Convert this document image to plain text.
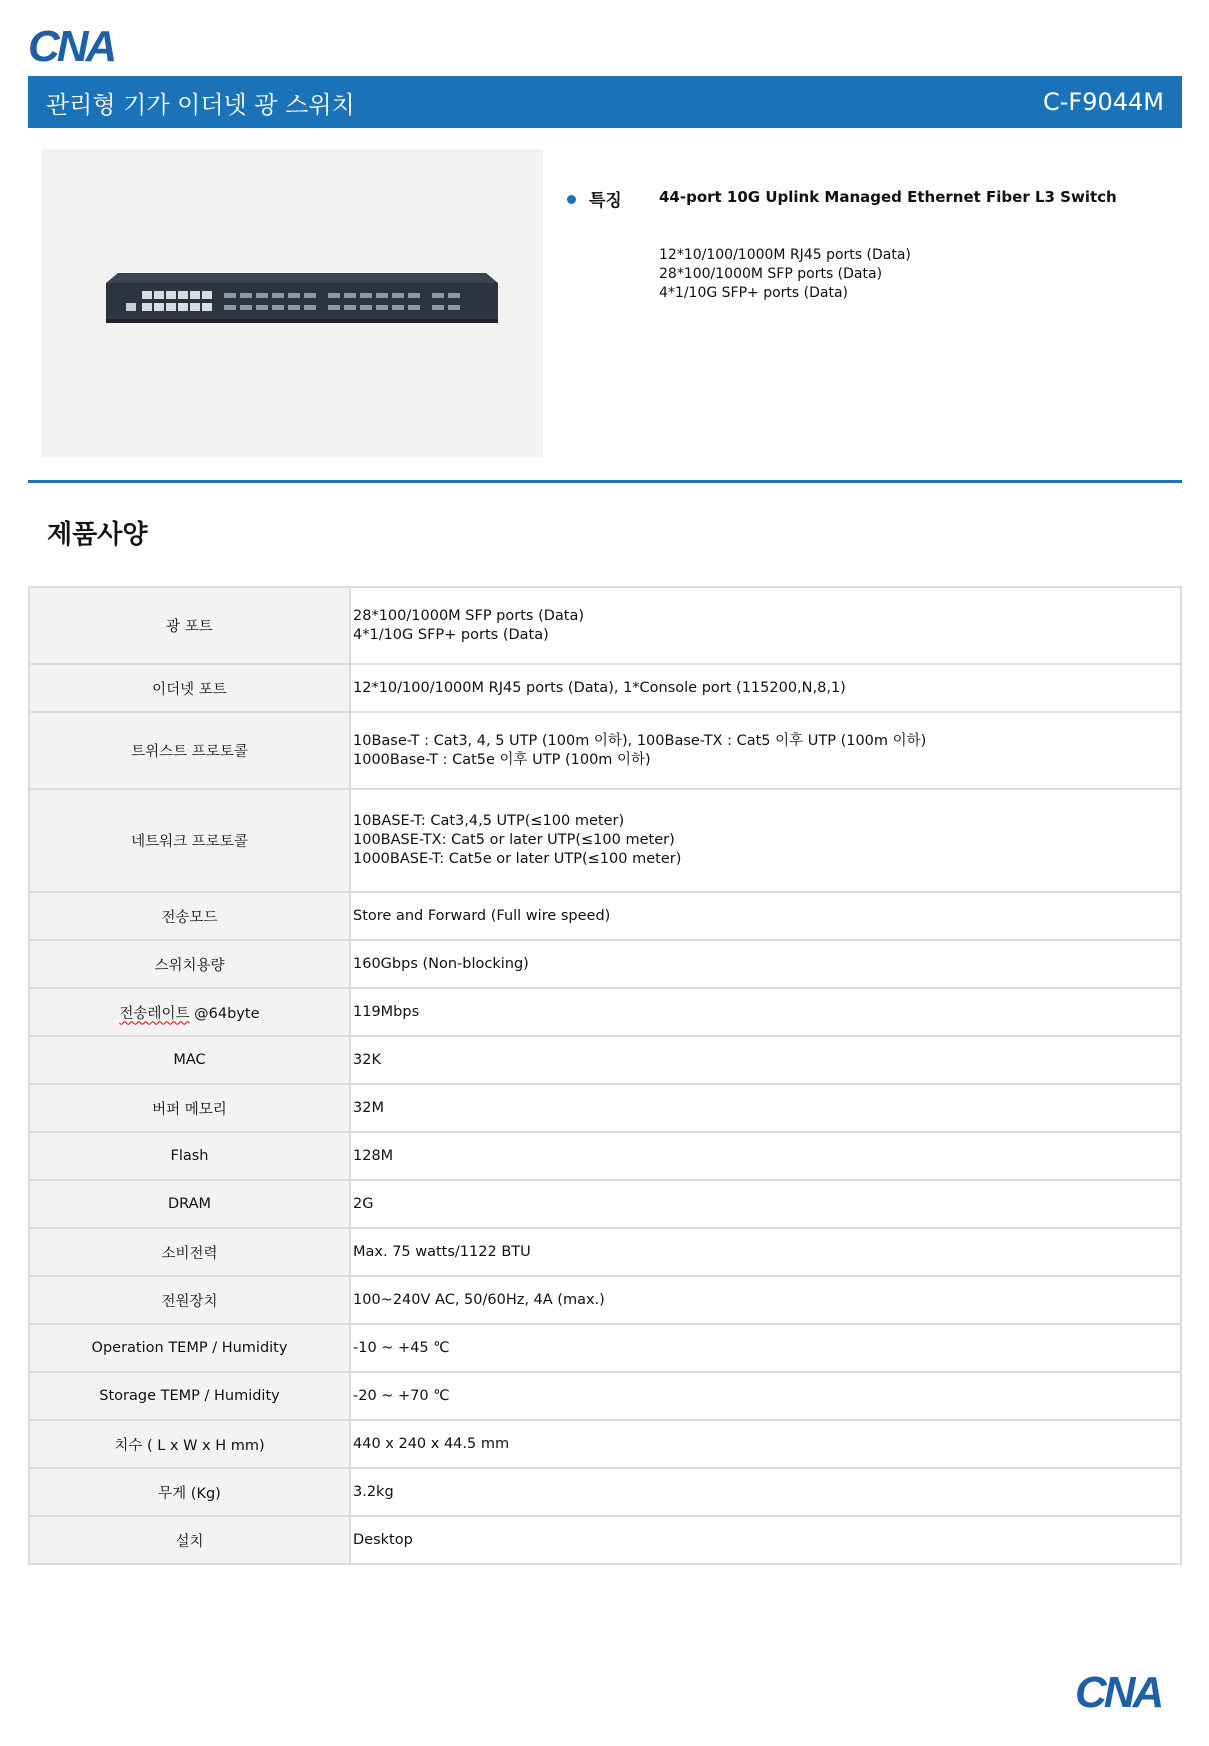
CNA
관리형 기가 이더넷 광 스위치	C-F9044M
특징 44-port 10G Uplink Managed Ethernet Fiber L3 Switch
12*10/100/1000M RJ45 ports (Data)
28*100/1000M SFP ports (Data)
4*1/10G SFP+ ports (Data)
제품사양
광 포트	28*100/1000M SFP ports (Data)
4*1/10G SFP+ ports (Data)

이더넷 포트	12*10/100/1000M RJ45 ports (Data), 1*Console port (115200,N,8,1)
트위스트 프로토콜	10Base-T : Cat3, 4, 5 UTP (100m 이하), 100Base-TX : Cat5 이후 UTP (100m 이하)
1000Base-T : Cat5e 이후 UTP (100m 이하)

네트워크 프로토콜	10BASE-T: Cat3,4,5 UTP(≤100 meter)
100BASE-TX: Cat5 or later UTP(≤100 meter)
1000BASE-T: Cat5e or later UTP(≤100 meter)

전송모드	Store and Forward (Full wire speed)
스위치용량	160Gbps (Non-blocking)
전송레이트 @64byte	119Mbps
MAC	32K
버퍼 메모리	32M
Flash	128M
DRAM	2G
소비전력	Max. 75 watts/1122 BTU
전원장치	100~240V AC, 50/60Hz, 4A (max.)
Operation TEMP / Humidity	-10 ~ +45 ℃
Storage TEMP / Humidity	-20 ~ +70 ℃
치수 ( L x W x H mm)	440 x 240 x 44.5 mm
무게 (Kg)	3.2kg
설치	Desktop
CNA
